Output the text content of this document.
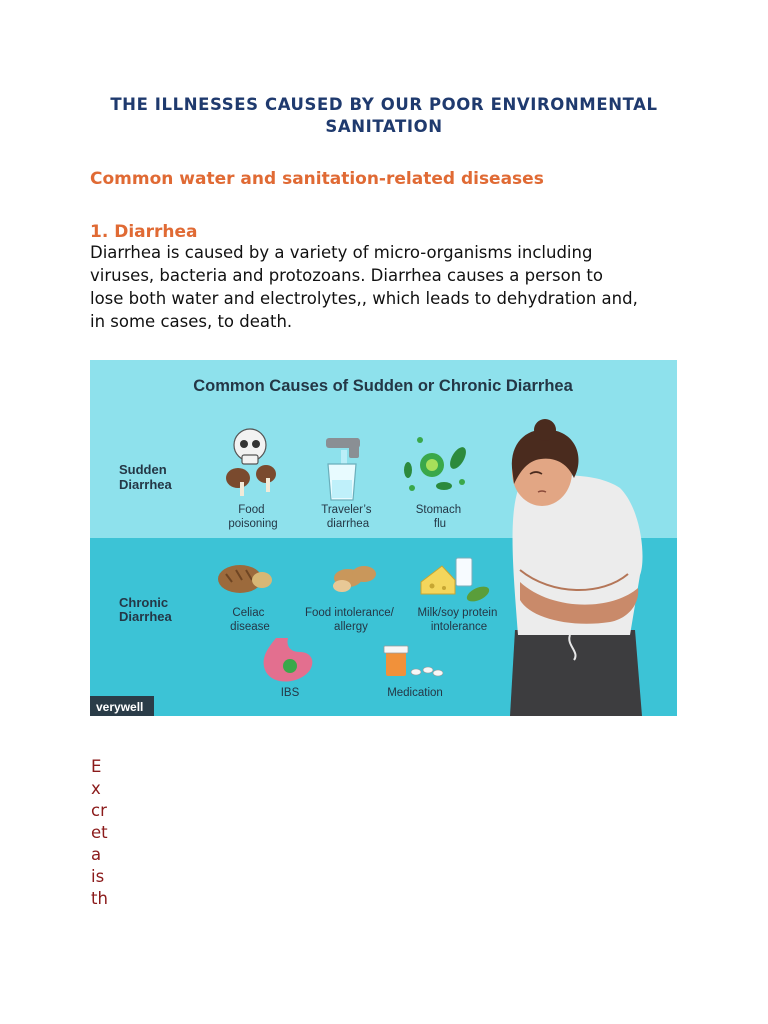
THE ILLNESSES CAUSED BY OUR POOR ENVIRONMENTAL
SANITATION
Common water and sanitation-related diseases
1. Diarrhea
Diarrhea is caused by a variety of micro-organisms including
viruses, bacteria and protozoans. Diarrhea causes a person to
lose both water and electrolytes,, which leads to dehydration and,
in some cases, to death.
Common Causes of Sudden or Chronic Diarrhea
Sudden Diarrhea
Chronic Diarrhea
Food poisoning
Traveler’s diarrhea
Stomach flu
Celiac disease
Food intolerance/ allergy
Milk/soy protein intolerance
IBS	Medication
verywell
E
x
cr
et
a
is
th
